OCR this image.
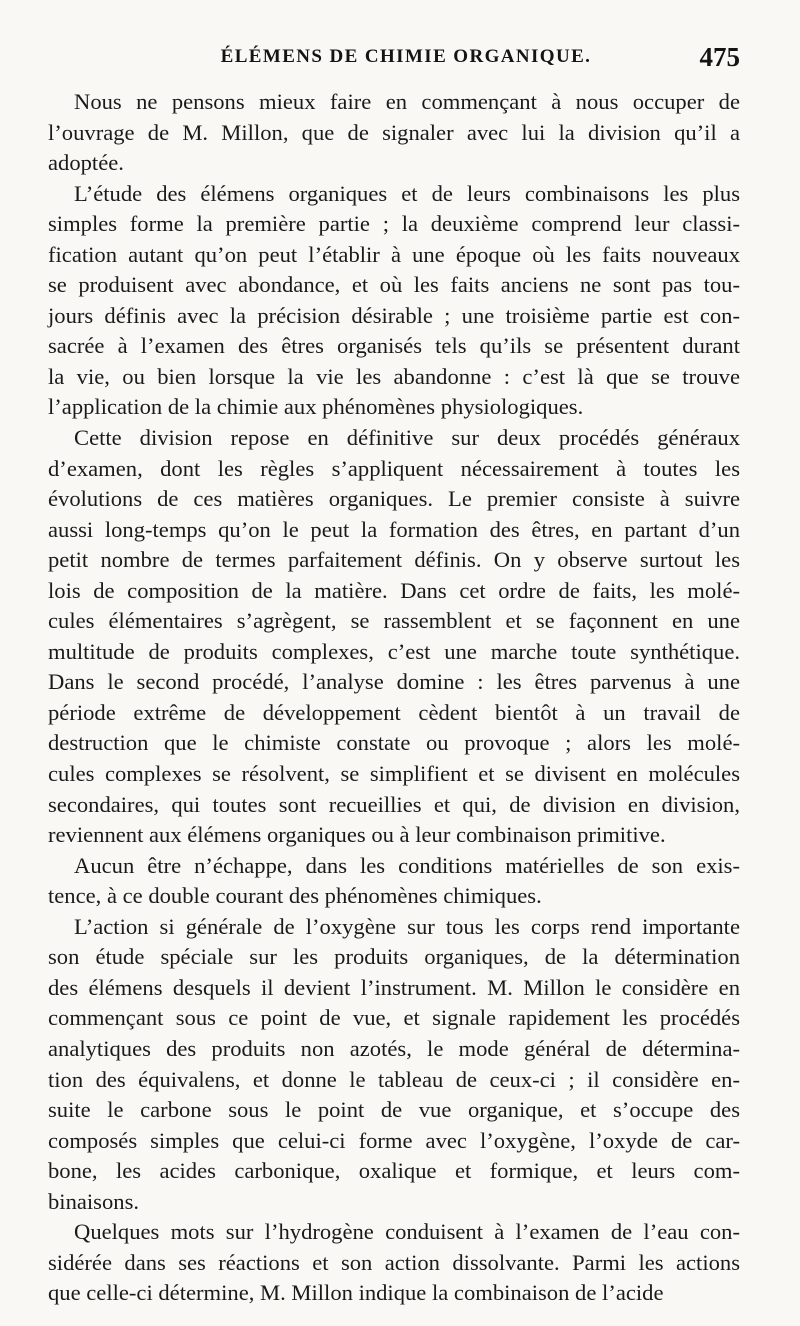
ÉLÉMENS DE CHIMIE ORGANIQUE.	475

Nous ne pensons mieux faire en commençant à nous occuper de
l’ouvrage de M. Millon, que de signaler avec lui la division qu’il a
adoptée.

L’étude des élémens organiques et de leurs combinaisons les plus
simples forme la première partie ; la deuxième comprend leur classi-
fication autant qu’on peut l’établir à une époque où les faits nouveaux
se produisent avec abondance, et où les faits anciens ne sont pas tou-
jours définis avec la précision désirable ; une troisième partie est con-
sacrée à l’examen des êtres organisés tels qu’ils se présentent durant
la vie, ou bien lorsque la vie les abandonne : c’est là que se trouve
l’application de la chimie aux phénomènes physiologiques.

Cette division repose en définitive sur deux procédés généraux
d’examen, dont les règles s’appliquent nécessairement à toutes les
évolutions de ces matières organiques. Le premier consiste à suivre
aussi long-temps qu’on le peut la formation des êtres, en partant d’un
petit nombre de termes parfaitement définis. On y observe surtout les
lois de composition de la matière. Dans cet ordre de faits, les molé-
cules élémentaires s’agrègent, se rassemblent et se façonnent en une
multitude de produits complexes, c’est une marche toute synthétique.
Dans le second procédé, l’analyse domine : les êtres parvenus à une
période extrême de développement cèdent bientôt à un travail de
destruction que le chimiste constate ou provoque ; alors les molé-
cules complexes se résolvent, se simplifient et se divisent en molécules
secondaires, qui toutes sont recueillies et qui, de division en division,
reviennent aux élémens organiques ou à leur combinaison primitive.

Aucun être n’échappe, dans les conditions matérielles de son exis-
tence, à ce double courant des phénomènes chimiques.

L’action si générale de l’oxygène sur tous les corps rend importante
son étude spéciale sur les produits organiques, de la détermination
des élémens desquels il devient l’instrument. M. Millon le considère en
commençant sous ce point de vue, et signale rapidement les procédés
analytiques des produits non azotés, le mode général de détermina-
tion des équivalens, et donne le tableau de ceux-ci ; il considère en-
suite le carbone sous le point de vue organique, et s’occupe des
composés simples que celui-ci forme avec l’oxygène, l’oxyde de car-
bone, les acides carbonique, oxalique et formique, et leurs com-
binaisons.

Quelques mots sur l’hydrogène conduisent à l’examen de l’eau con-
sidérée dans ses réactions et son action dissolvante. Parmi les actions
que celle-ci détermine, M. Millon indique la combinaison de l’acide
